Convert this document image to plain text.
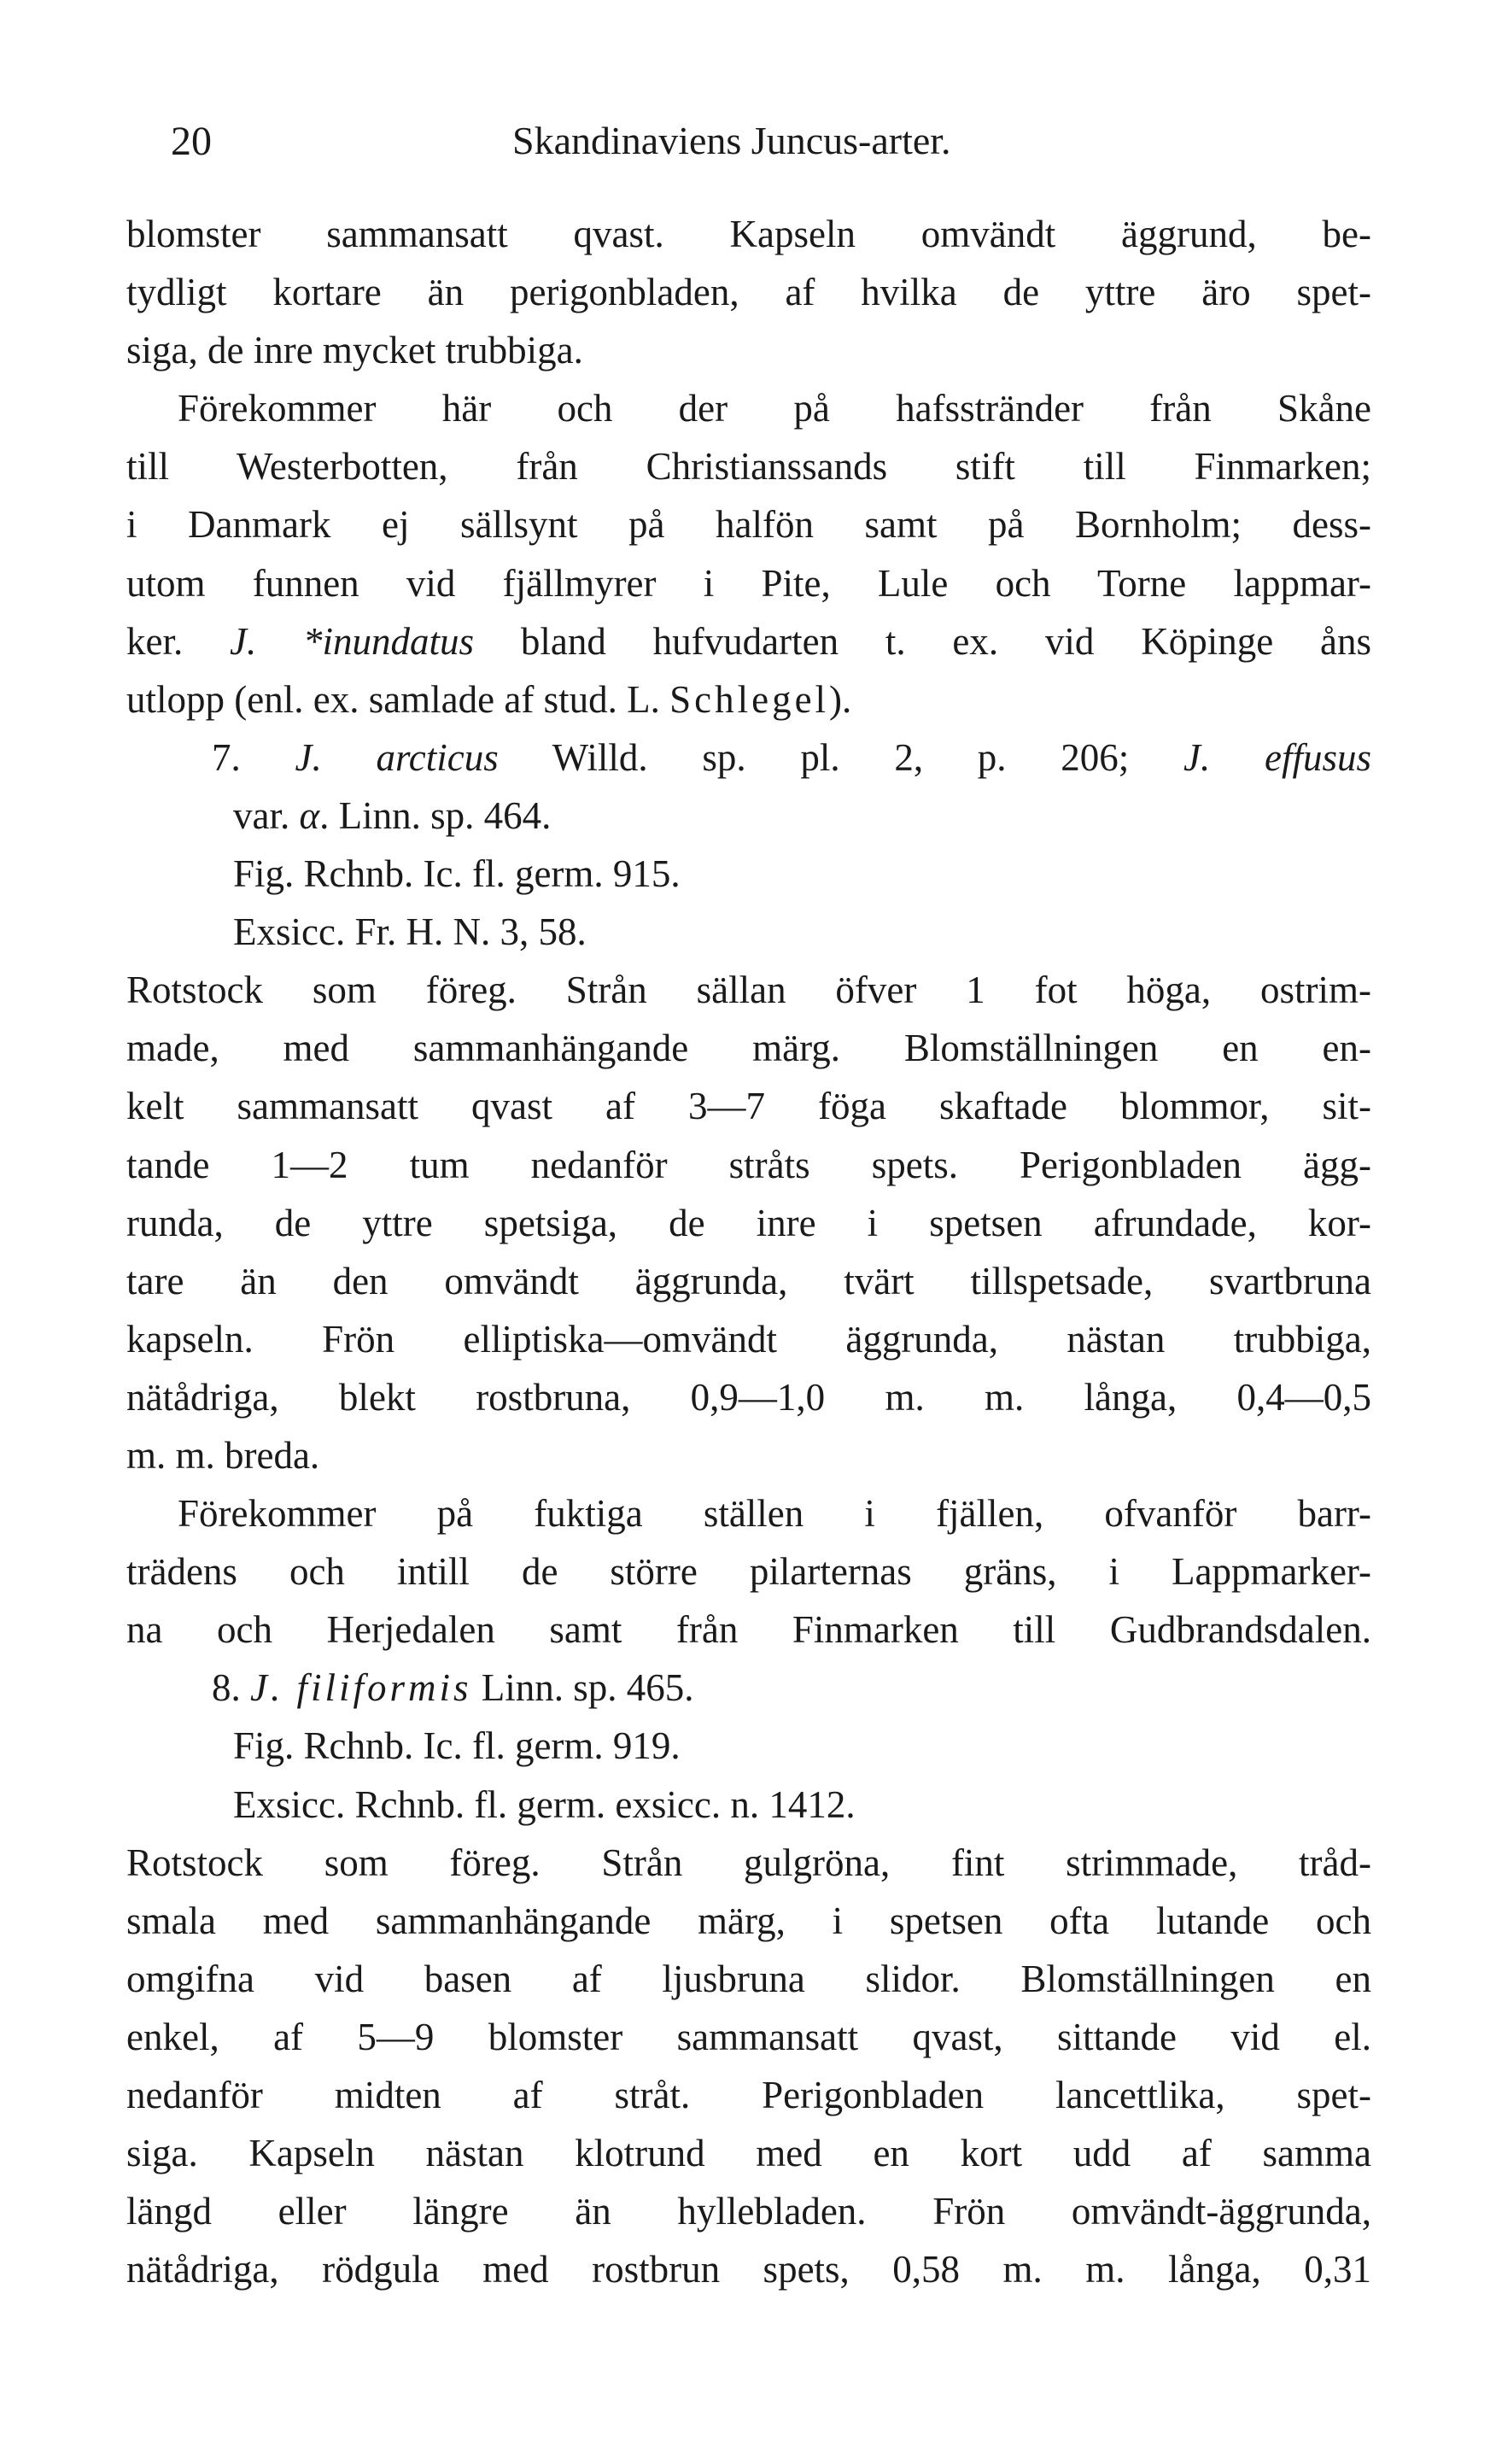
20	Skandinaviens Juncus-arter.
blomster sammansatt qvast. Kapseln omvändt äggrund, be-
tydligt kortare än perigonbladen, af hvilka de yttre äro spet-
siga, de inre mycket trubbiga.
Förekommer här och der på hafsstränder från Skåne
till Westerbotten, från Christianssands stift till Finmarken;
i Danmark ej sällsynt på halfön samt på Bornholm; dess-
utom funnen vid fjällmyrer i Pite, Lule och Torne lappmar-
ker. J. *inundatus bland hufvudarten t. ex. vid Köpinge åns
utlopp (enl. ex. samlade af stud. L. Schlegel).
7. J. arcticus Willd. sp. pl. 2, p. 206; J. effusus
var. α. Linn. sp. 464.
Fig. Rchnb. Ic. fl. germ. 915.
Exsicc. Fr. H. N. 3, 58.
Rotstock som föreg. Strån sällan öfver 1 fot höga, ostrim-
made, med sammanhängande märg. Blomställningen en en-
kelt sammansatt qvast af 3—7 föga skaftade blommor, sit-
tande 1—2 tum nedanför stråts spets. Perigonbladen ägg-
runda, de yttre spetsiga, de inre i spetsen afrundade, kor-
tare än den omvändt äggrunda, tvärt tillspetsade, svartbruna
kapseln. Frön elliptiska—omvändt äggrunda, nästan trubbiga,
nätådriga, blekt rostbruna, 0,9—1,0 m. m. långa, 0,4—0,5
m. m. breda.
Förekommer på fuktiga ställen i fjällen, ofvanför barr-
trädens och intill de större pilarternas gräns, i Lappmarker-
na och Herjedalen samt från Finmarken till Gudbrandsdalen.
8. J. filiformis Linn. sp. 465.
Fig. Rchnb. Ic. fl. germ. 919.
Exsicc. Rchnb. fl. germ. exsicc. n. 1412.
Rotstock som föreg. Strån gulgröna, fint strimmade, tråd-
smala med sammanhängande märg, i spetsen ofta lutande och
omgifna vid basen af ljusbruna slidor. Blomställningen en
enkel, af 5—9 blomster sammansatt qvast, sittande vid el.
nedanför midten af stråt. Perigonbladen lancettlika, spet-
siga. Kapseln nästan klotrund med en kort udd af samma
längd eller längre än hyllebladen. Frön omvändt-äggrunda,
nätådriga, rödgula med rostbrun spets, 0,58 m. m. långa, 0,31
